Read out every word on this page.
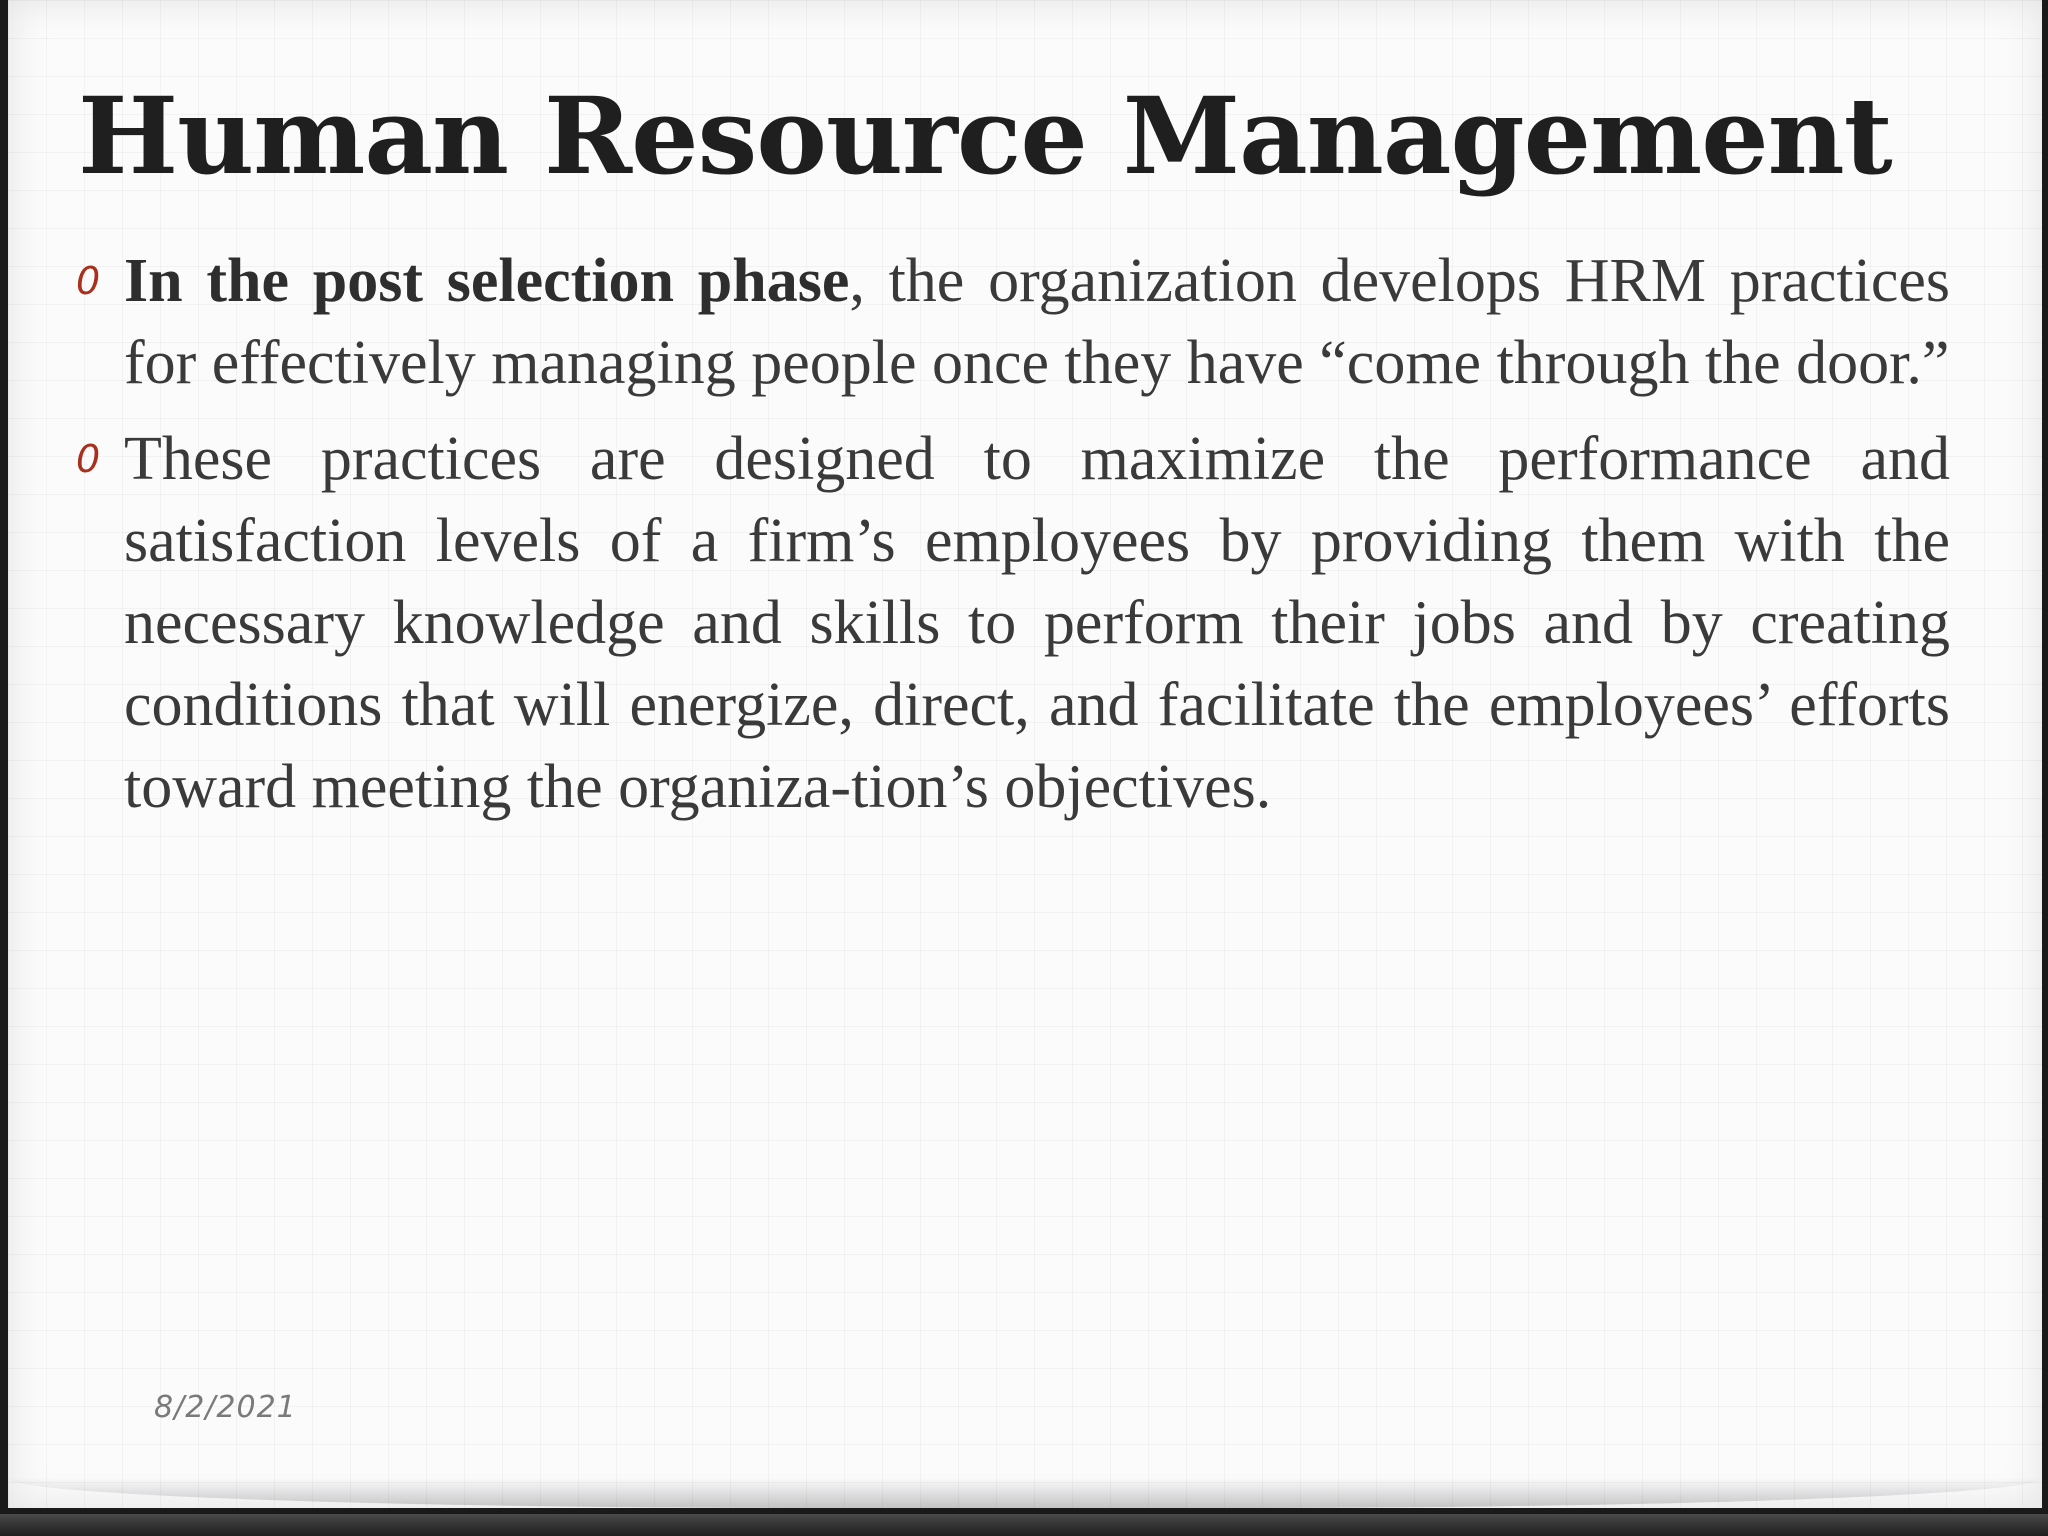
Human Resource Management
0 In the post selection phase, the organization develops HRM practices for effectively managing people once they have “come through the door.”
0 These practices are designed to maximize the performance and satisfaction levels of a firm’s employees by providing them with the necessary knowledge and skills to perform their jobs and by creating conditions that will energize, direct, and facilitate the employees’ efforts toward meeting the organiza-tion’s objectives.
8/2/2021
